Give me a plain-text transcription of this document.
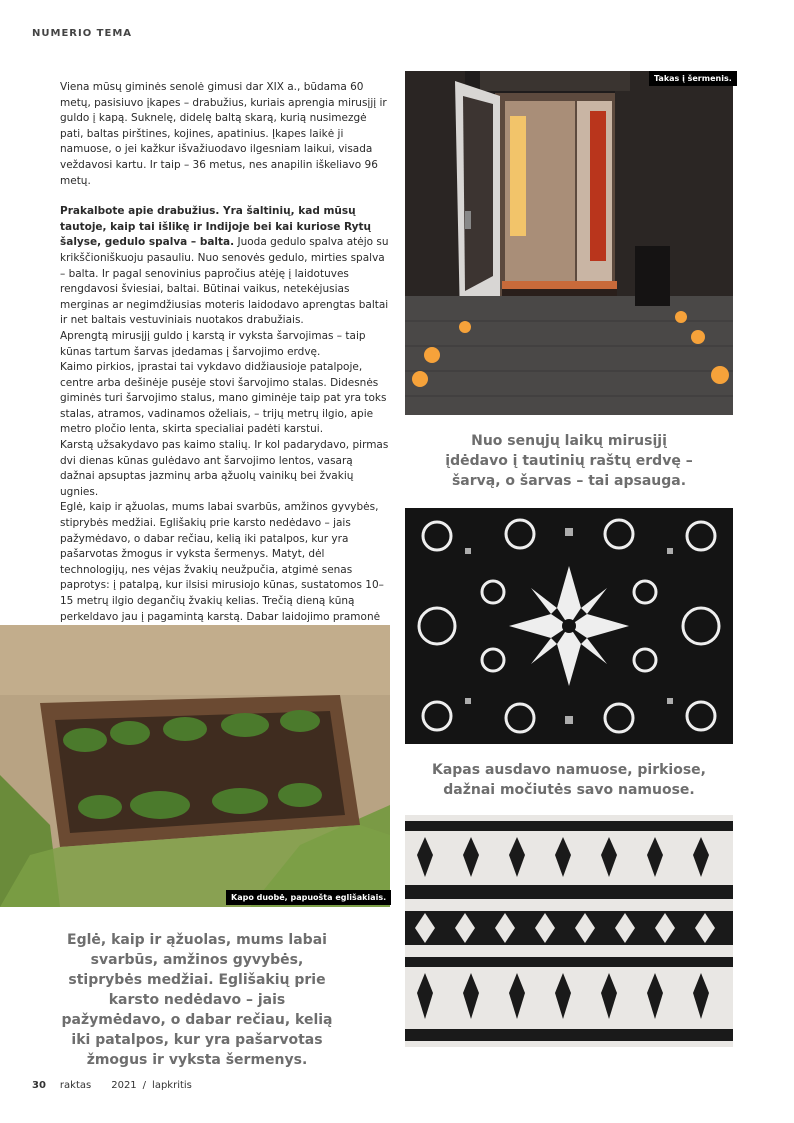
NUMERIO TEMA

Viena mūsų giminės senolė gimusi dar XIX a., būdama 60 metų, pasisiuvo įkapes – drabužius, kuriais aprengia mirusįjį ir guldo į kapą. Suknelę, didelę baltą skarą, kurią nusimezgė pati, baltas pirštines, kojines, apatinius. Įkapes laikė ji namuose, o jei kažkur išvažiuodavo ilgesniam laikui, visada veždavosi kartu. Ir taip – 36 metus, nes anapilin iškeliavo 96 metų.

Prakalbote apie drabužius. Yra šaltinių, kad mūsų tautoje, kaip tai išlikę ir Indijoje bei kai kuriose Rytų šalyse, gedulo spalva – balta. Juoda gedulo spalva atėjo su krikščioniškuoju pasauliu. Nuo senovės gedulo, mirties spalva – balta. Ir pagal senovinius papročius atėję į laidotuves rengdavosi šviesiai, baltai. Būtinai vaikus, netekėjusias merginas ar negimdžiusias moteris laidodavo aprengtas baltai ir net baltais vestuviniais nuotakos drabužiais.

Aprengtą mirusįjį guldo į karstą ir vyksta šarvojimas – taip kūnas tartum šarvas įdedamas į šarvojimo erdvę.

Kaimo pirkios, įprastai tai vykdavo didžiausioje patalpoje, centre arba dešinėje pusėje stovi šarvojimo stalas. Didesnės giminės turi šarvojimo stalus, mano giminėje taip pat yra toks stalas, atramos, vadinamos oželiais, – trijų metrų ilgio, apie metro pločio lenta, skirta specialiai padėti karstui.

Karstą užsakydavo pas kaimo stalių. Ir kol padarydavo, pirmas dvi dienas kūnas gulėdavo ant šarvojimo lentos, vasarą dažnai apsuptas jazminų arba ąžuolų vainikų bei žvakių ugnies.

Eglė, kaip ir ąžuolas, mums labai svarbūs, amžinos gyvybės, stiprybės medžiai. Eglišakių prie karsto nedėdavo – jais pažymėdavo, o dabar rečiau, kelią iki patalpos, kur yra pašarvotas žmogus ir vyksta šermenys. Matyt, dėl technologijų, nes vėjas žvakių neužpučia, atgimė senas paprotys: į patalpą, kur ilsisi mirusiojo kūnas, sustatomos 10–15 metrų ilgio degančių žvakių kelias. Trečią dieną kūną perkeldavo jau į pagamintą karstą. Dabar laidojimo pramonė

Takas į šermenis.
Nuo senųjų laikų mirusįjį įdėdavo į tautinių raštų erdvę – šarvą, o šarvas – tai apsauga.
Kapas ausdavo namuose, pirkiose, dažnai močiutės savo namuose.
Kapo duobė, papuošta eglišakiais.
Eglė, kaip ir ąžuolas, mums labai svarbūs, amžinos gyvybės, stiprybės medžiai. Eglišakių prie karsto nedėdavo – jais pažymėdavo, o dabar rečiau, kelią iki patalpos, kur yra pašarvotas žmogus ir vyksta šermenys.
30 raktas 2021 / lapkritis
